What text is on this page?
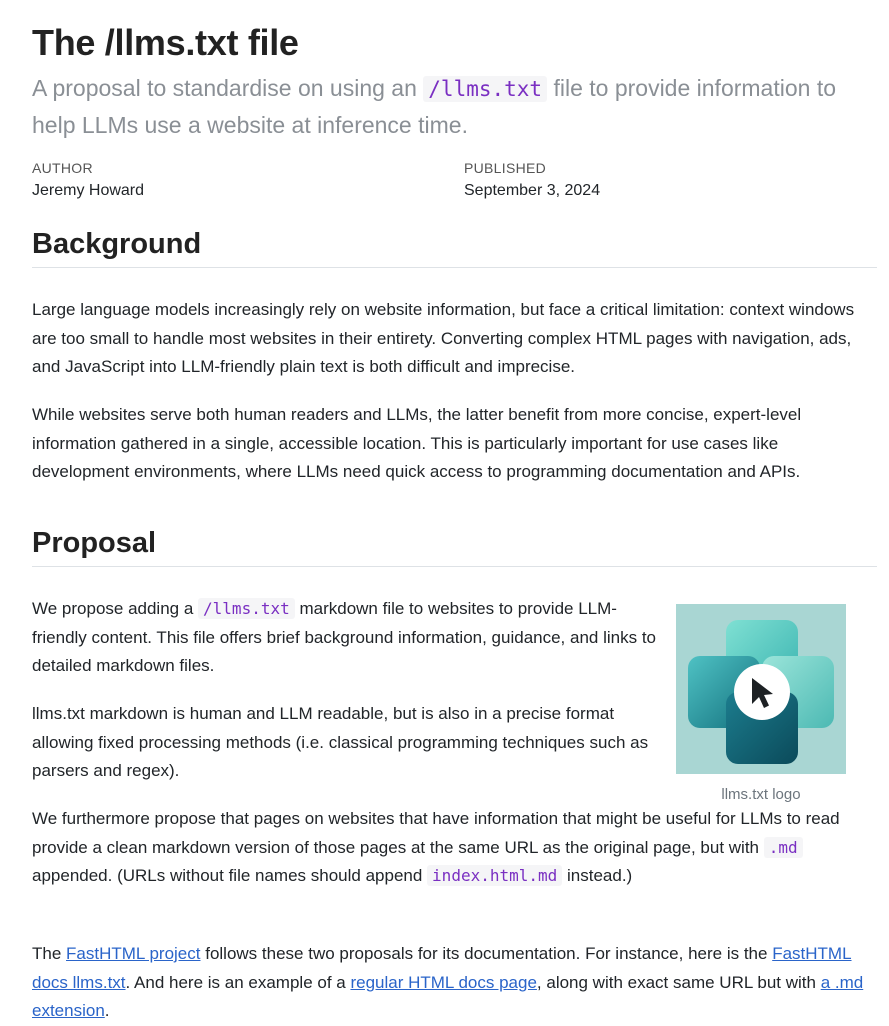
The /llms.txt file
A proposal to standardise on using an /llms.txt file to provide information to help LLMs use a website at inference time.
AUTHOR
Jeremy Howard
PUBLISHED
September 3, 2024
Background

Large language models increasingly rely on website information, but face a critical limitation: context windows are too small to handle most websites in their entirety. Converting complex HTML pages with navigation, ads, and JavaScript into LLM-friendly plain text is both difficult and imprecise.

While websites serve both human readers and LLMs, the latter benefit from more concise, expert-level information gathered in a single, accessible location. This is particularly important for use cases like development environments, where LLMs need quick access to programming documentation and APIs.

Proposal

We propose adding a /llms.txt markdown file to websites to provide LLM-friendly content. This file offers brief background information, guidance, and links to detailed markdown files.

llms.txt markdown is human and LLM readable, but is also in a precise format allowing fixed processing methods (i.e. classical programming techniques such as parsers and regex).

We furthermore propose that pages on websites that have information that might be useful for LLMs to read provide a clean markdown version of those pages at the same URL as the original page, but with .md appended. (URLs without file names should append index.html.md instead.)

The FastHTML project follows these two proposals for its documentation. For instance, here is the FastHTML docs llms.txt. And here is an example of a regular HTML docs page, along with exact same URL but with a .md extension.

llms.txt logo
